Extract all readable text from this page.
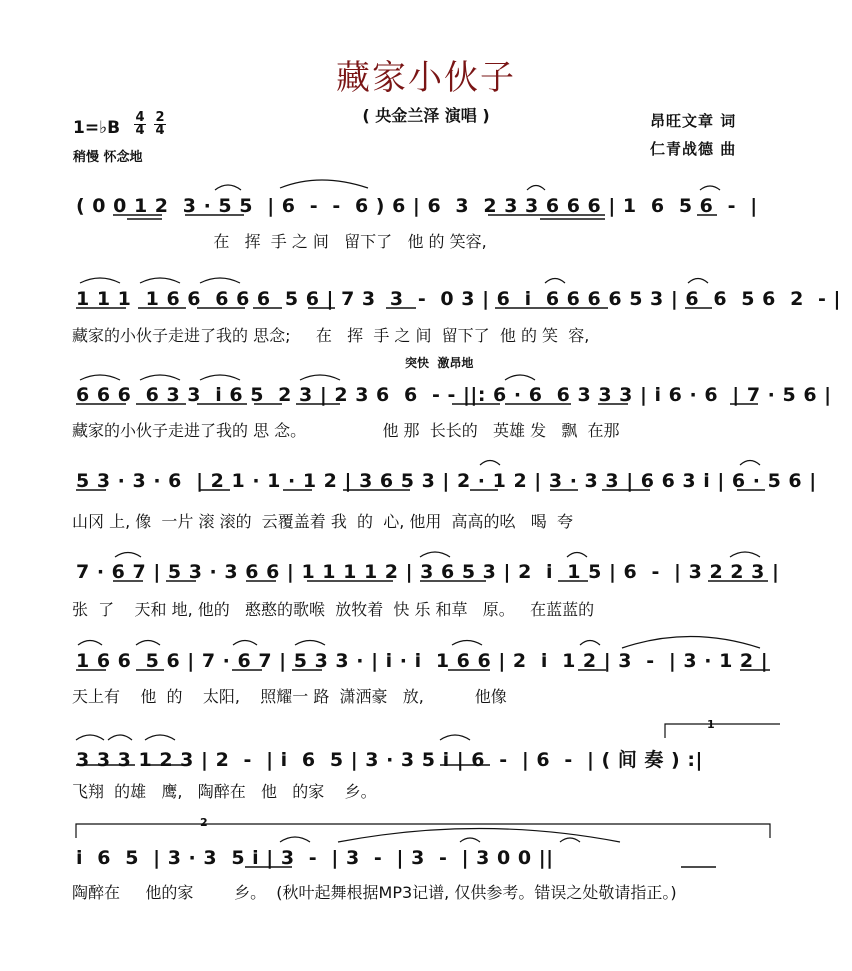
藏家小伙子
( 央金兰泽 演唱 )
1=♭B
4
4
2
4
稍慢 怀念地
昂旺文章 词
仁青战德 曲
突快  激昂地
( 0 0 1 2  3 · 5 5  | 6  -  -  6 ) 6 | 6  3  2 3 3 6 6 6 | 1  6  5 6  -  |
在   挥  手 之 间   留下了   他 的 笑容,
1 1 1  1 6 6  6 6 6  5 6 | 7 3  3  -  0 3 | 6  i  6 6 6 6 5 3 | 6  6  5 6  2  - |
藏家的小伙子走进了我的 思念;     在   挥  手 之 间  留下了  他 的 笑  容,
6 6 6  6 3 3  i 6 5  2 3 | 2 3 6  6  - - ||: 6 · 6  6 3 3 3 | i 6 · 6  | 7 · 5 6 |
藏家的小伙子走进了我的 思 念。               他 那  长长的   英雄 发   飘  在那
5 3 · 3 · 6  | 2 1 · 1 · 1 2 | 3 6 5 3 | 2 · 1 2 | 3 · 3 3 | 6 6 3 i | 6 · 5 6 |
山冈 上, 像  一片 滚 滚的  云覆盖着 我  的  心, 他用  高高的吆   喝  夸
7 · 6 7 | 5 3 · 3 6 6 | 1 1 1 1 2 | 3 6 5 3 | 2  i  1 5 | 6  -  | 3 2 2 3 |
张  了    天和 地, 他的   憨憨的歌喉  放牧着  快 乐 和草   原。   在蓝蓝的
1 6 6  5 6 | 7 · 6 7 | 5 3 3 · | i · i  1 6 6 | 2  i  1 2 | 3  -  | 3 · 1 2 |
天上有    他  的    太阳,    照耀一 路  潇洒豪   放,          他像
3 3 3 1 2 3 | 2  -  | i  6  5 | 3 · 3 5 i | 6  -  | 6  -  | ( 间 奏 ) :|
飞翔  的雄   鹰,   陶醉在   他   的家    乡。
i  6  5  | 3 · 3  5 i | 3  -  | 3  -  | 3  -  | 3 0 0 ||
陶醉在     他的家        乡。  (秋叶起舞根据MP3记谱, 仅供参考。错误之处敬请指正。)
1
2
